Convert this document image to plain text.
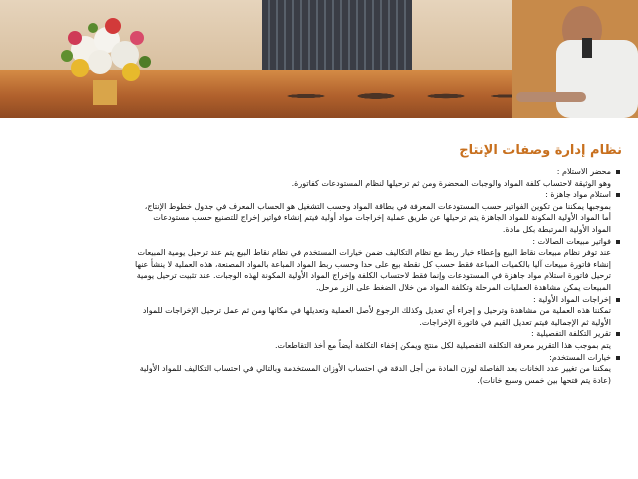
نظام إدارة وصفات الإنتاج
محضر الاستلام :
وهو الوثيقة لاحتساب كلفة المواد والوجبات المحضرة ومن ثم ترحيلها لنظام المستودعات كفاتورة.
استلام مواد جاهزة :
بموجبها يمكننا من تكوين الفواتير حسب المستودعات المعرفة في بطاقة المواد وحسب التشغيل هو الحساب المعرف في جدول خطوط الإنتاج،
أما المواد الأولية المكونة للمواد الجاهزة يتم ترحيلها عن طريق عملية إخراجات مواد أولية فيتم إنشاء فواتير إخراج للتصنيع حسب مستودعات
المواد الأولية المرتبطة بكل مادة.
فواتير مبيعات الصالات :
عند توفر نظام مبيعات نقاط البيع وإعطاء خيار ربط مع نظام التكاليف ضمن خيارات المستخدم في نظام نقاط البيع يتم عند ترحيل يومية المبيعات
إنشاء فاتورة مبيعات آليا بالكميات المباعة فقط حسب كل نقطة بيع على حدا وحسب ربط المواد المباعة بالمواد المصنعة، هذه العملية لا ينشأ عنها
ترحيل فاتورة استلام مواد جاهزة في المستودعات وإنما فقط لاحتساب الكلفة وإخراج المواد الأولية المكونة لهذه الوجبات. عند تثبيت ترحيل يومية
المبيعات يمكن مشاهدة العمليات المرحلة وتكلفة المواد من خلال الضغط على الزر مرحل.
إخراجات المواد الأولية :
تمكننا هذه العملية من مشاهدة وترحيل و إجراء أي تعديل وكذلك الرجوع لأصل العملية وتعديلها في مكانها ومن ثم عمل ترحيل الإخراجات للمواد
الأولية ثم الإجمالية فيتم تعديل القيم في فاتورة الإخراجات.
تقرير التكلفة التفصيلية :
يتم بموجب هذا التقرير معرفة التكلفة التفصيلية لكل منتج ويمكن إخفاء التكلفة أيضاً مع أخذ التقاطعات.
خيارات المستخدم:
يمكننا من تغيير عدد الخانات بعد الفاصلة لوزن المادة من أجل الدقة في احتساب الأوزان المستخدمة وبالتالي في احتساب التكاليف للمواد الأولية
(عادة يتم فتحها بين خمس وسبع خانات).
